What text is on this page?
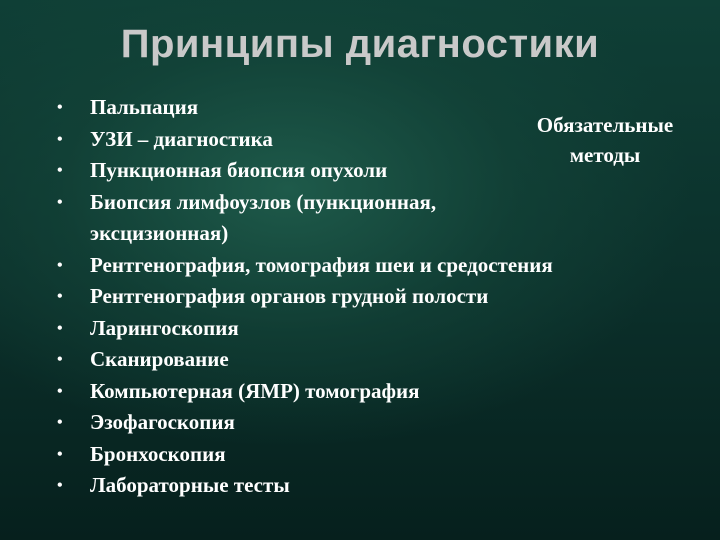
Принципы диагностики
• Пальпация
• УЗИ – диагностика
• Пункционная биопсия опухоли
• Биопсия лимфоузлов (пункционная, эксцизионная)
• Рентгенография, томография шеи и средостения
• Рентгенография органов грудной полости
• Ларингоскопия
• Сканирование
• Компьютерная (ЯМР) томография
• Эзофагоскопия
• Бронхоскопия
• Лабораторные тесты
Обязательные
методы
